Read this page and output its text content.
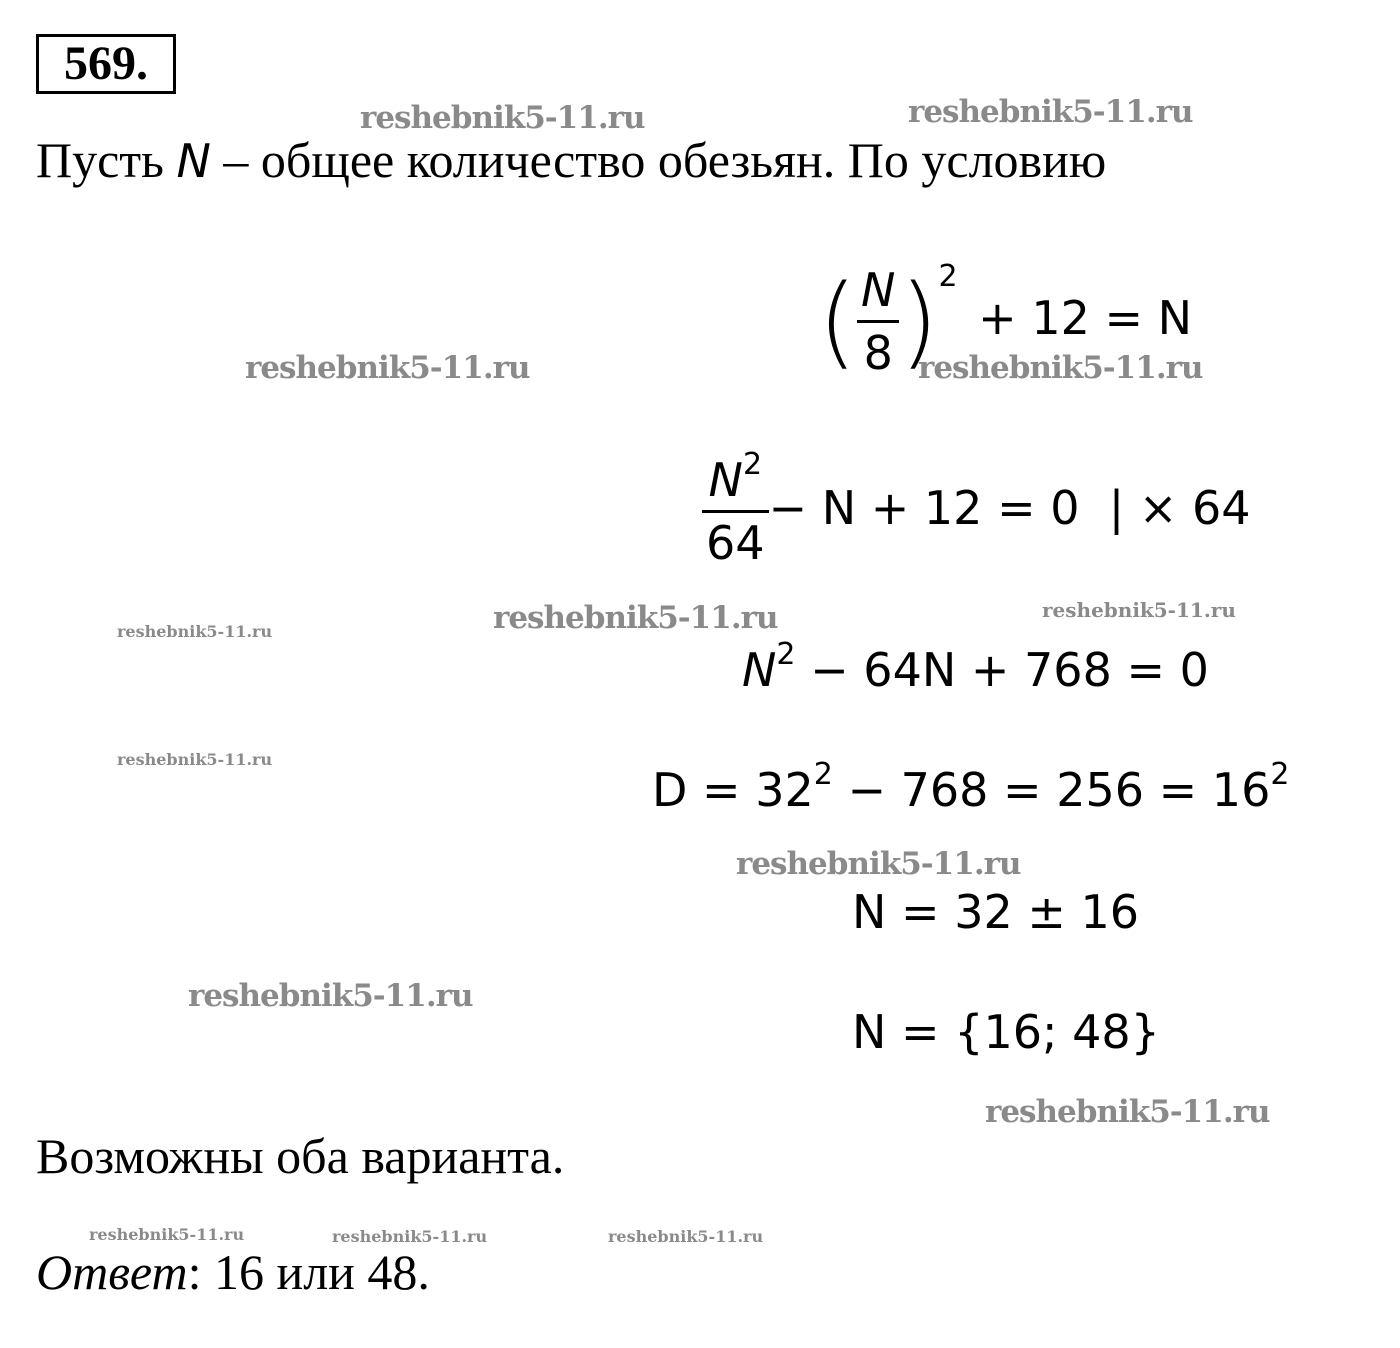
569.
reshebnik5-11.ru	reshebnik5-11.ru
reshebnik5-11.ru	reshebnik5-11.ru
reshebnik5-11.ru	reshebnik5-11.ru
reshebnik5-11.ru
reshebnik5-11.ru
reshebnik5-11.ru
reshebnik5-11.ru
reshebnik5-11.ru
reshebnik5-11.ru	reshebnik5-11.ru	reshebnik5-11.ru
Пусть N – общее количество обезьян. По условию
( $\frac{N}{8} )^2 + 12 = N$
$\frac{N^2}{64} - N + 12 = 0$  | × 64
$N^2 - 64N + 768 = 0$
$D = 32^2 - 768 = 256 = 16^2$
N = 32 ± 16
N = {16; 48}
Возможны оба варианта.
Ответ: 16 или 48.
